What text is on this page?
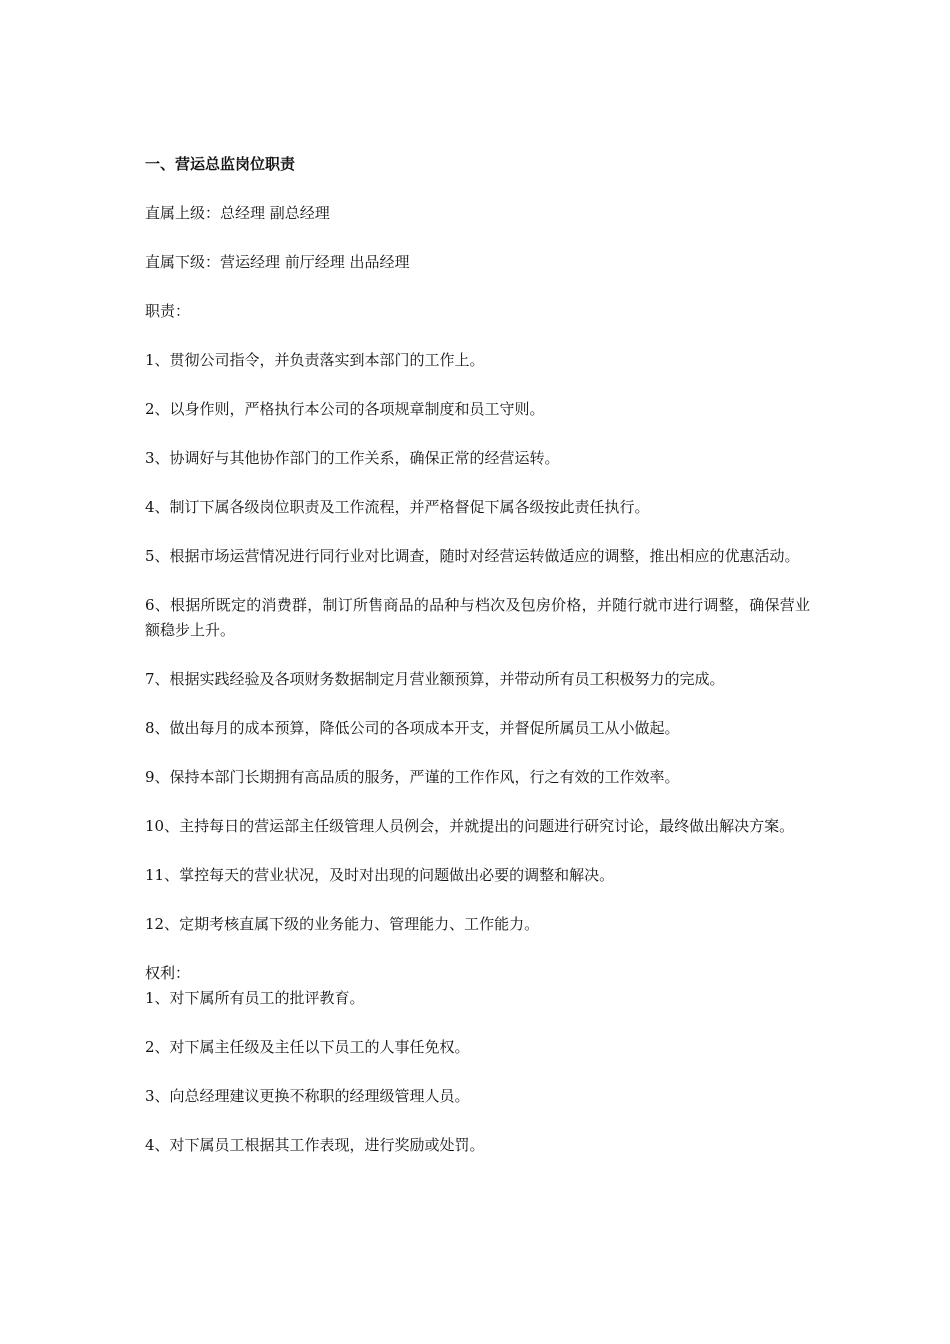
一、营运总监岗位职责
直属上级：总经理 副总经理
直属下级：营运经理 前厅经理 出品经理
职责：
1、贯彻公司指令，并负责落实到本部门的工作上。
2、以身作则，严格执行本公司的各项规章制度和员工守则。
3、协调好与其他协作部门的工作关系，确保正常的经营运转。
4、制订下属各级岗位职责及工作流程，并严格督促下属各级按此责任执行。
5、根据市场运营情况进行同行业对比调查，随时对经营运转做适应的调整，推出相应的优惠活动。
6、根据所既定的消费群，制订所售商品的品种与档次及包房价格，并随行就市进行调整，确保营业额稳步上升。
7、根据实践经验及各项财务数据制定月营业额预算，并带动所有员工积极努力的完成。
8、做出每月的成本预算，降低公司的各项成本开支，并督促所属员工从小做起。
9、保持本部门长期拥有高品质的服务，严谨的工作作风，行之有效的工作效率。
10、主持每日的营运部主任级管理人员例会，并就提出的问题进行研究讨论，最终做出解决方案。
11、掌控每天的营业状况，及时对出现的问题做出必要的调整和解决。
12、定期考核直属下级的业务能力、管理能力、工作能力。
权利：
1、对下属所有员工的批评教育。
2、对下属主任级及主任以下员工的人事任免权。
3、向总经理建议更换不称职的经理级管理人员。
4、对下属员工根据其工作表现，进行奖励或处罚。
